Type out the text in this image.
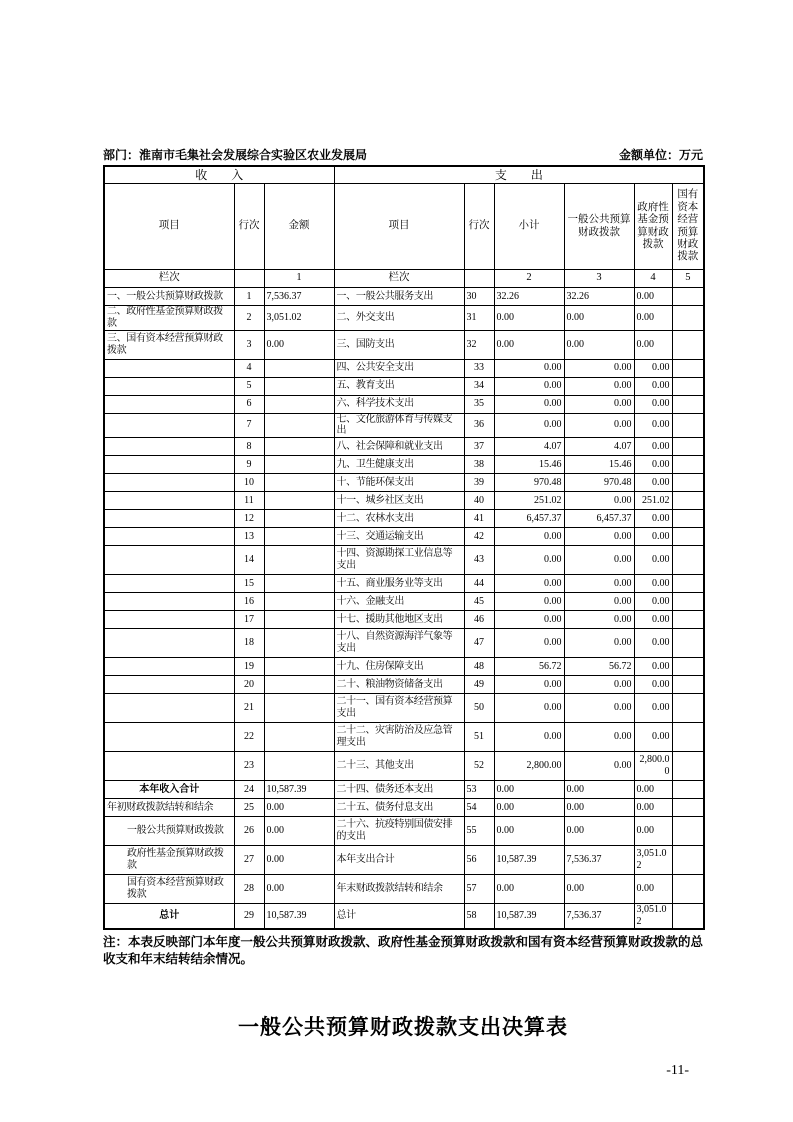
部门：淮南市毛集社会发展综合实验区农业发展局	金额单位：万元
收　　入			支　　出					
项目	行次	金额	项目	行次	小计	一般公共预算财政拨款	政府性基金预算财政拨款	国有资本经营预算财政拨款
栏次		1	栏次		2	3	4	5
一、一般公共预算财政拨款	1	7,536.37	一、一般公共服务支出	30	32.26	32.26	0.00	
二、政府性基金预算财政拨款	2	3,051.02	二、外交支出	31	0.00	0.00	0.00	
三、国有资本经营预算财政拨款	3	0.00	三、国防支出	32	0.00	0.00	0.00	
	4		四、公共安全支出	33	0.00	0.00	0.00	
	5		五、教育支出	34	0.00	0.00	0.00	
	6		六、科学技术支出	35	0.00	0.00	0.00	
	7		七、文化旅游体育与传媒支出	36	0.00	0.00	0.00	
	8		八、社会保障和就业支出	37	4.07	4.07	0.00	
	9		九、卫生健康支出	38	15.46	15.46	0.00	
	10		十、节能环保支出	39	970.48	970.48	0.00	
	11		十一、城乡社区支出	40	251.02	0.00	251.02	
	12		十二、农林水支出	41	6,457.37	6,457.37	0.00	
	13		十三、交通运输支出	42	0.00	0.00	0.00	
	14		十四、资源勘探工业信息等支出	43	0.00	0.00	0.00	
	15		十五、商业服务业等支出	44	0.00	0.00	0.00	
	16		十六、金融支出	45	0.00	0.00	0.00	
	17		十七、援助其他地区支出	46	0.00	0.00	0.00	
	18		十八、自然资源海洋气象等支出	47	0.00	0.00	0.00	
	19		十九、住房保障支出	48	56.72	56.72	0.00	
	20		二十、粮油物资储备支出	49	0.00	0.00	0.00	
	21		二十一、国有资本经营预算支出	50	0.00	0.00	0.00	
	22		二十二、灾害防治及应急管理支出	51	0.00	0.00	0.00	
	23		二十三、其他支出	52	2,800.00	0.00	2,800.00	
本年收入合计	24	10,587.39	二十四、债务还本支出	53	0.00	0.00	0.00	
年初财政拨款结转和结余	25	0.00	二十五、债务付息支出	54	0.00	0.00	0.00	
一般公共预算财政拨款	26	0.00	二十六、抗疫特别国债安排的支出	55	0.00	0.00	0.00	
政府性基金预算财政拨款	27	0.00	本年支出合计	56	10,587.39	7,536.37	3,051.02	
国有资本经营预算财政拨款	28	0.00	年末财政拨款结转和结余	57	0.00	0.00	0.00	
总计	29	10,587.39	总计	58	10,587.39	7,536.37	3,051.02	
注：本表反映部门本年度一般公共预算财政拨款、政府性基金预算财政拨款和国有资本经营预算财政拨款的总收支和年末结转结余情况。
一般公共预算财政拨款支出决算表
-11-
